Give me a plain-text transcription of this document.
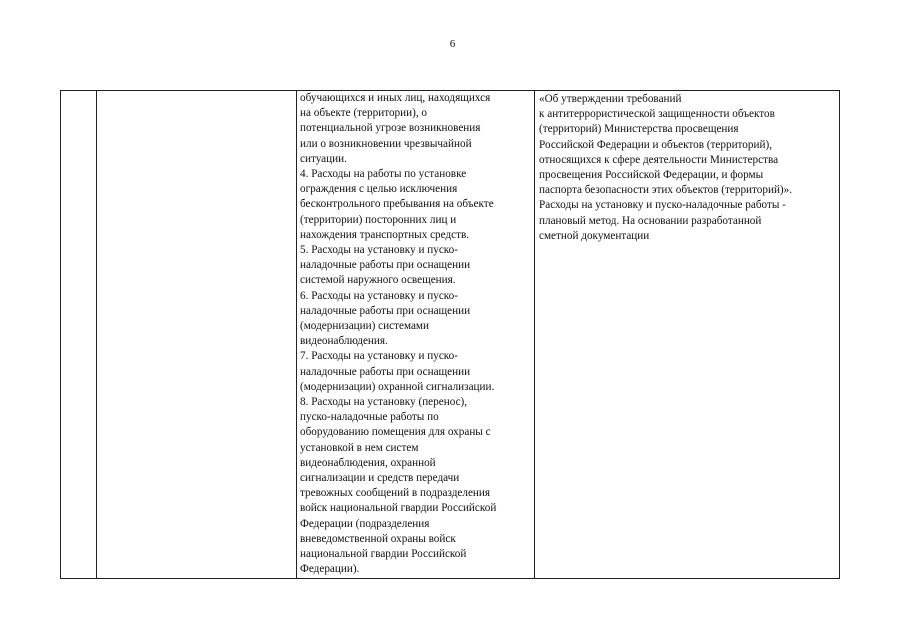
6

обучающихся и иных лиц, находящихся
на объекте (территории), о
потенциальной угрозе возникновения
или о возникновении чрезвычайной
ситуации.
4. Расходы на работы по установке
ограждения с целью исключения
бесконтрольного пребывания на объекте
(территории) посторонних лиц и
нахождения транспортных средств.
5. Расходы на установку и пуско-
наладочные работы при оснащении
системой наружного освещения.
6. Расходы на установку и пуско-
наладочные работы при оснащении
(модернизации) системами
видеонаблюдения.
7. Расходы на установку и пуско-
наладочные работы при оснащении
(модернизации) охранной сигнализации.
8. Расходы на установку (перенос),
пуско-наладочные работы по
оборудованию помещения для охраны с
установкой в нем систем
видеонаблюдения, охранной
сигнализации и средств передачи
тревожных сообщений в подразделения
войск национальной гвардии Российской
Федерации (подразделения
вневедомственной охраны войск
национальной гвардии Российской
Федерации).

«Об утверждении требований
к антитеррористической защищенности объектов
(территорий) Министерства просвещения
Российской Федерации и объектов (территорий),
относящихся к сфере деятельности Министерства
просвещения Российской Федерации, и формы
паспорта безопасности этих объектов (территорий)».
Расходы на установку и пуско-наладочные работы -
плановый метод. На основании разработанной
сметной документации
